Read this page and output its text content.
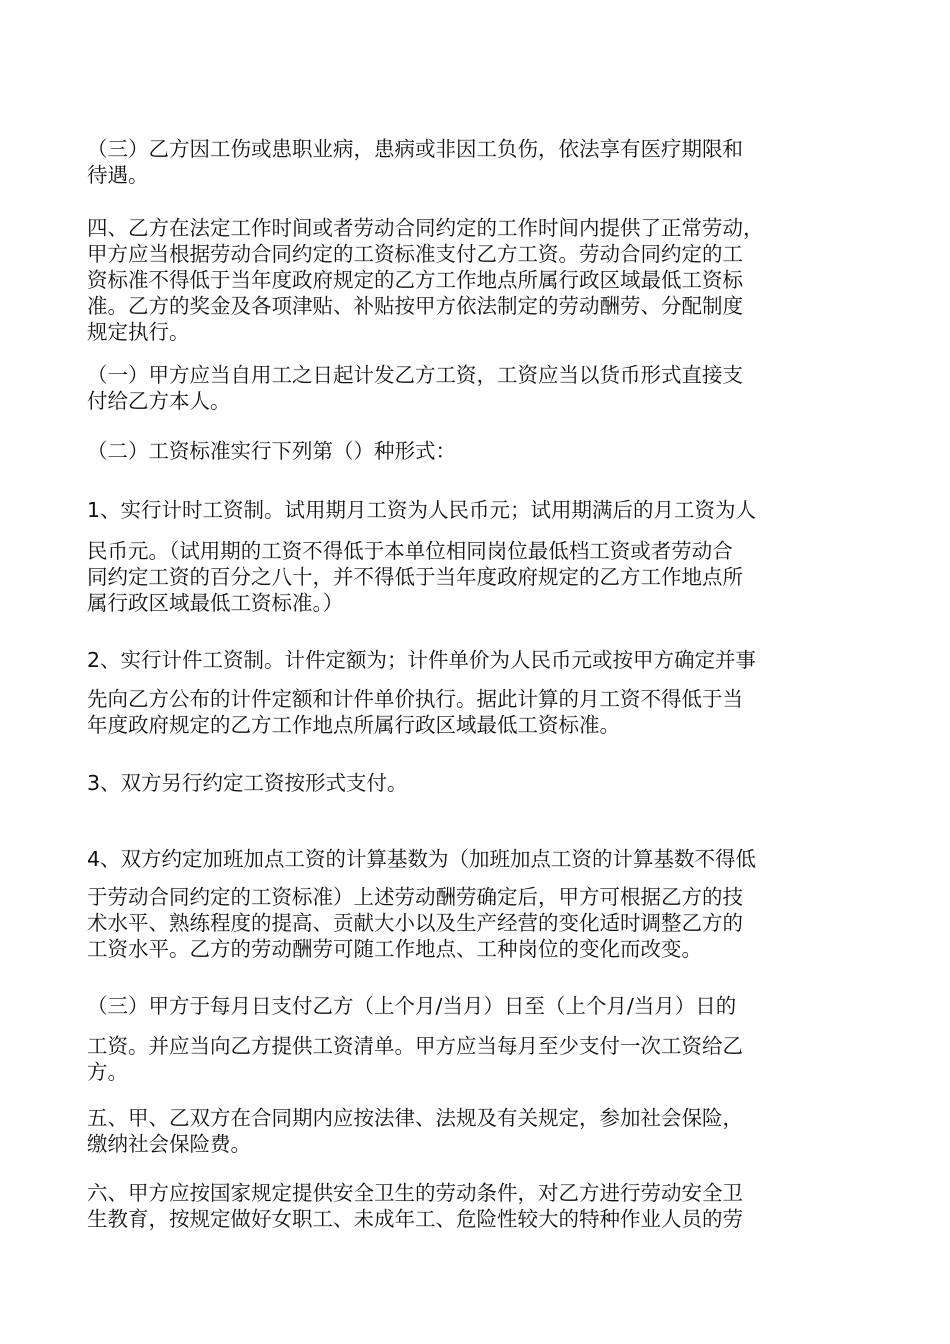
（三）乙方因工伤或患职业病，患病或非因工负伤，依法享有医疗期限和
待遇。
四、乙方在法定工作时间或者劳动合同约定的工作时间内提供了正常劳动，
甲方应当根据劳动合同约定的工资标准支付乙方工资。劳动合同约定的工
资标准不得低于当年度政府规定的乙方工作地点所属行政区域最低工资标
准。乙方的奖金及各项津贴、补贴按甲方依法制定的劳动酬劳、分配制度
规定执行。
（一）甲方应当自用工之日起计发乙方工资，工资应当以货币形式直接支
付给乙方本人。
（二）工资标准实行下列第（）种形式：
1、实行计时工资制。试用期月工资为人民币元；试用期满后的月工资为人
民币元。（试用期的工资不得低于本单位相同岗位最低档工资或者劳动合
同约定工资的百分之八十，并不得低于当年度政府规定的乙方工作地点所
属行政区域最低工资标准。）
2、实行计件工资制。计件定额为；计件单价为人民币元或按甲方确定并事
先向乙方公布的计件定额和计件单价执行。据此计算的月工资不得低于当
年度政府规定的乙方工作地点所属行政区域最低工资标准。
3、双方另行约定工资按形式支付。
4、双方约定加班加点工资的计算基数为（加班加点工资的计算基数不得低
于劳动合同约定的工资标准）上述劳动酬劳确定后，甲方可根据乙方的技
术水平、熟练程度的提高、贡献大小以及生产经营的变化适时调整乙方的
工资水平。乙方的劳动酬劳可随工作地点、工种岗位的变化而改变。
（三）甲方于每月日支付乙方（上个月/当月）日至（上个月/当月）日的
工资。并应当向乙方提供工资清单。甲方应当每月至少支付一次工资给乙
方。
五、甲、乙双方在合同期内应按法律、法规及有关规定，参加社会保险，
缴纳社会保险费。
六、甲方应按国家规定提供安全卫生的劳动条件，对乙方进行劳动安全卫
生教育，按规定做好女职工、未成年工、危险性较大的特种作业人员的劳
